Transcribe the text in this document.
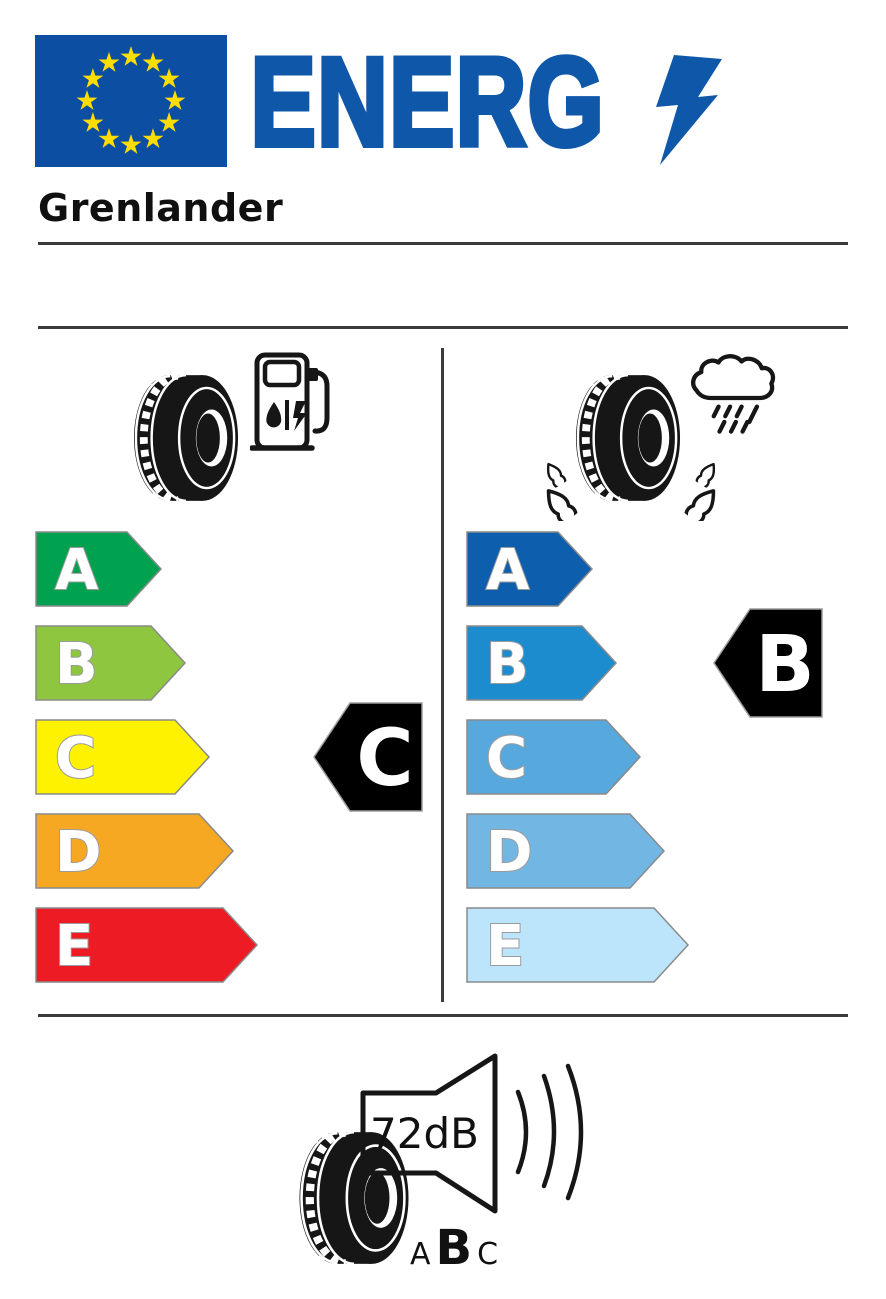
ENERG
Grenlander
A
B
C
D
E
C
A
B
C
D
E
B
72dB
A B C
